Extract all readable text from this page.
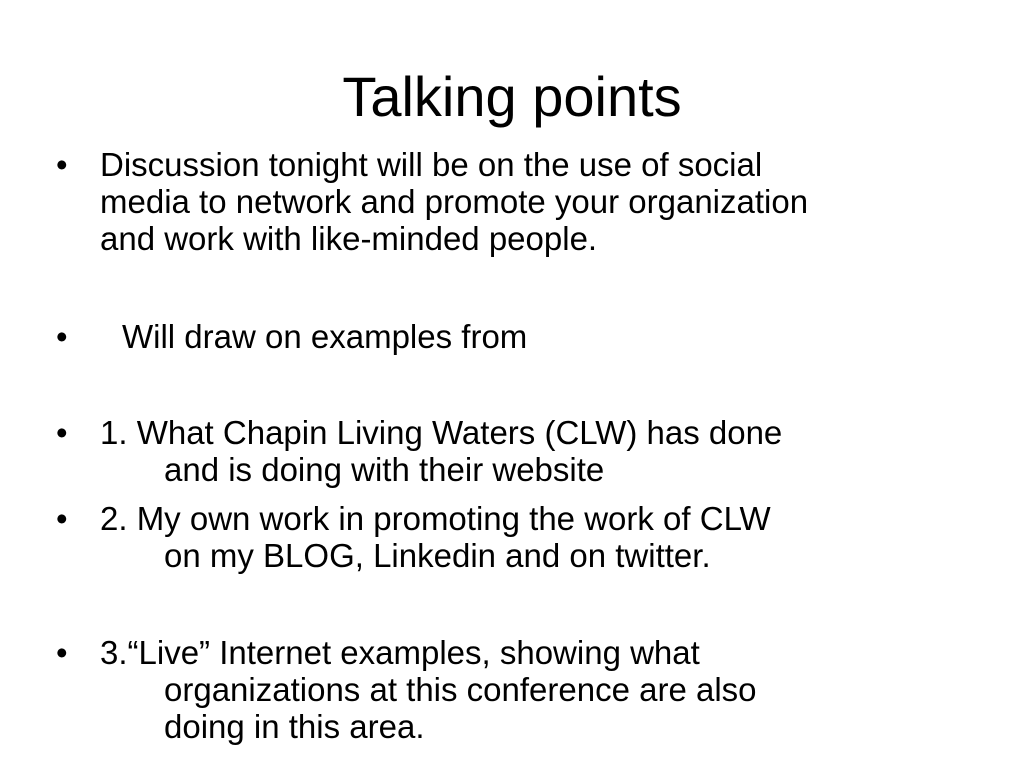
Talking points
• Discussion tonight will be on the use of social
media to network and promote your organization
and work with like-minded people.
• Will draw on examples from
• 1. What Chapin Living Waters (CLW) has done
and is doing with their website
• 2. My own work in promoting the work of CLW
on my BLOG, Linkedin and on twitter.
• 3.“Live” Internet examples, showing what
organizations at this conference are also
doing in this area.
